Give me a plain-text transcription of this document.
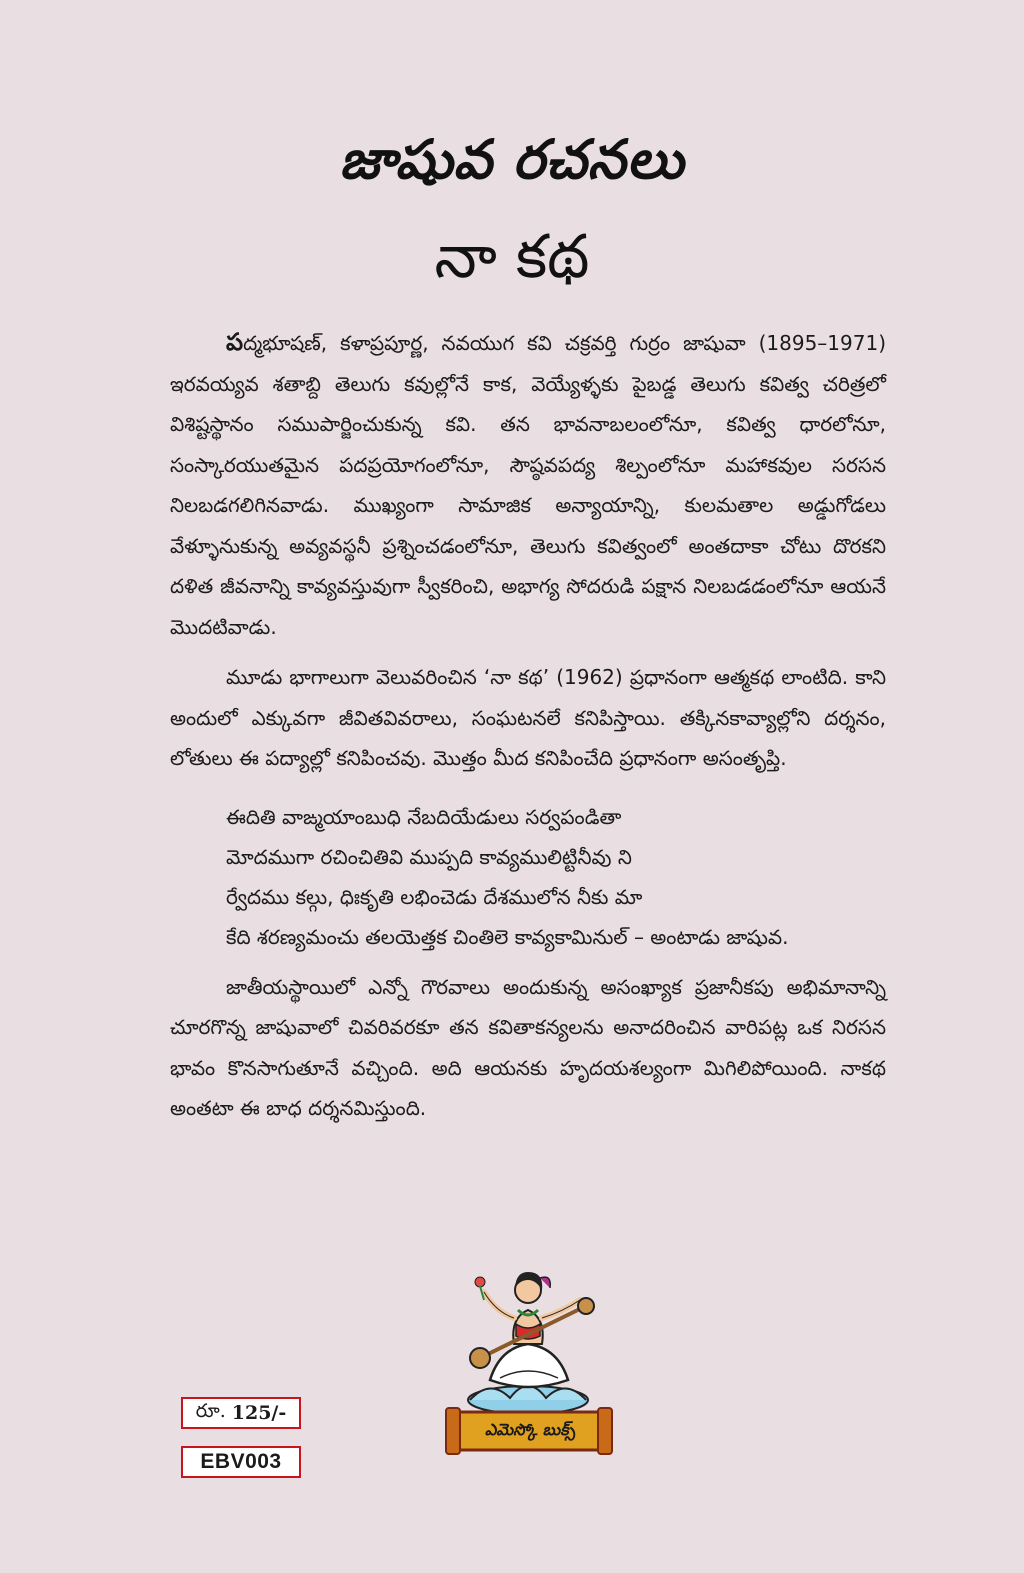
జాషువ రచనలు
నా కథ

పద్మభూషణ్, కళాప్రపూర్ణ, నవయుగ కవి చక్రవర్తి గుర్రం జాషువా (1895–1971) ఇరవయ్యవ శతాబ్ది తెలుగు కవుల్లోనే కాక, వెయ్యేళ్ళకు పైబడ్డ తెలుగు కవిత్వ చరిత్రలో విశిష్టస్థానం సముపార్జించుకున్న కవి. తన భావనాబలంలోనూ, కవిత్వ ధారలోనూ, సంస్కారయుతమైన పదప్రయోగంలోనూ, సౌష్ఠవపద్య శిల్పంలోనూ మహాకవుల సరసన నిలబడగలిగినవాడు. ముఖ్యంగా సామాజిక అన్యాయాన్ని, కులమతాల అడ్డుగోడలు వేళ్ళూనుకున్న అవ్యవస్థనీ ప్రశ్నించడంలోనూ, తెలుగు కవిత్వంలో అంతదాకా చోటు దొరకని దళిత జీవనాన్ని కావ్యవస్తువుగా స్వీకరించి, అభాగ్య సోదరుడి పక్షాన నిలబడడంలోనూ ఆయనే మొదటివాడు.

మూడు భాగాలుగా వెలువరించిన ‘నా కథ’ (1962) ప్రధానంగా ఆత్మకథ లాంటిది. కాని అందులో ఎక్కువగా జీవితవివరాలు, సంఘటనలే కనిపిస్తాయి. తక్కినకావ్యాల్లోని దర్శనం, లోతులు ఈ పద్యాల్లో కనిపించవు. మొత్తం మీద కనిపించేది ప్రధానంగా అసంతృప్తి.

ఈదితి వాఙ్మయాంబుధి నేబదియేడులు సర్వపండితా
మోదముగా రచించితివి ముప్పది కావ్యములిట్టినీవు ని
ర్వేదము కల్గు, ధిఃకృతి లభించెడు దేశములోన నీకు మా
కేది శరణ్యమంచు తలయెత్తక చింతిలె కావ్యకామినుల్ – అంటాడు జాషువ.

జాతీయస్థాయిలో ఎన్నో గౌరవాలు అందుకున్న అసంఖ్యాక ప్రజానీకపు అభిమానాన్ని చూరగొన్న జాషువాలో చివరివరకూ తన కవితాకన్యలను అనాదరించిన వారిపట్ల ఒక నిరసన భావం కొనసాగుతూనే వచ్చింది. అది ఆయనకు హృదయశల్యంగా మిగిలిపోయింది. నాకథ అంతటా ఈ బాధ దర్శనమిస్తుంది.

ఎమెస్కో బుక్స్
రూ. 125/-
EBV003
